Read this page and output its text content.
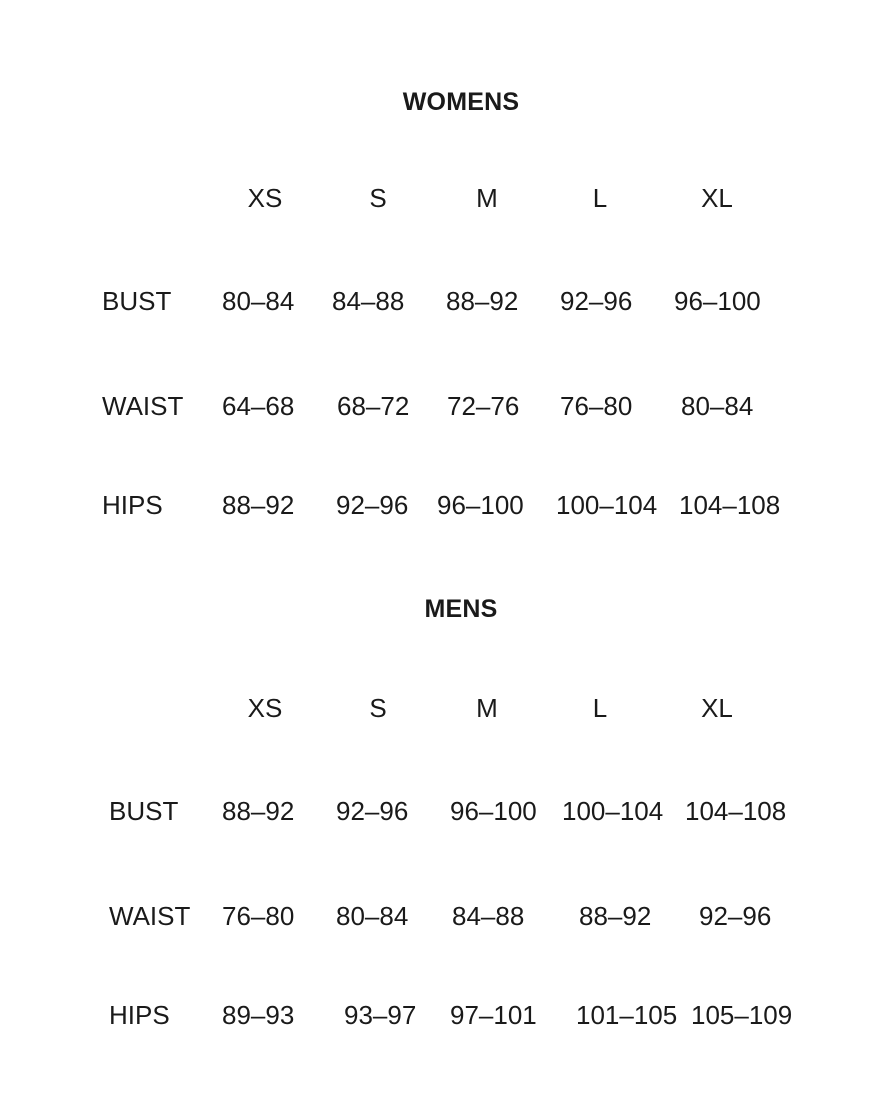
WOMENS
XS	S	M	L	XL
BUST 80–84 84–88 88–92 92–96 96–100
WAIST 64–68 68–72 72–76 76–80 80–84
HIPS 88–92 92–96 96–100 100–104 104–108
MENS
XS	S	M	L	XL
BUST 88–92 92–96 96–100 100–104 104–108
WAIST 76–80 80–84 84–88 88–92 92–96
HIPS 89–93 93–97 97–101 101–105 105–109
